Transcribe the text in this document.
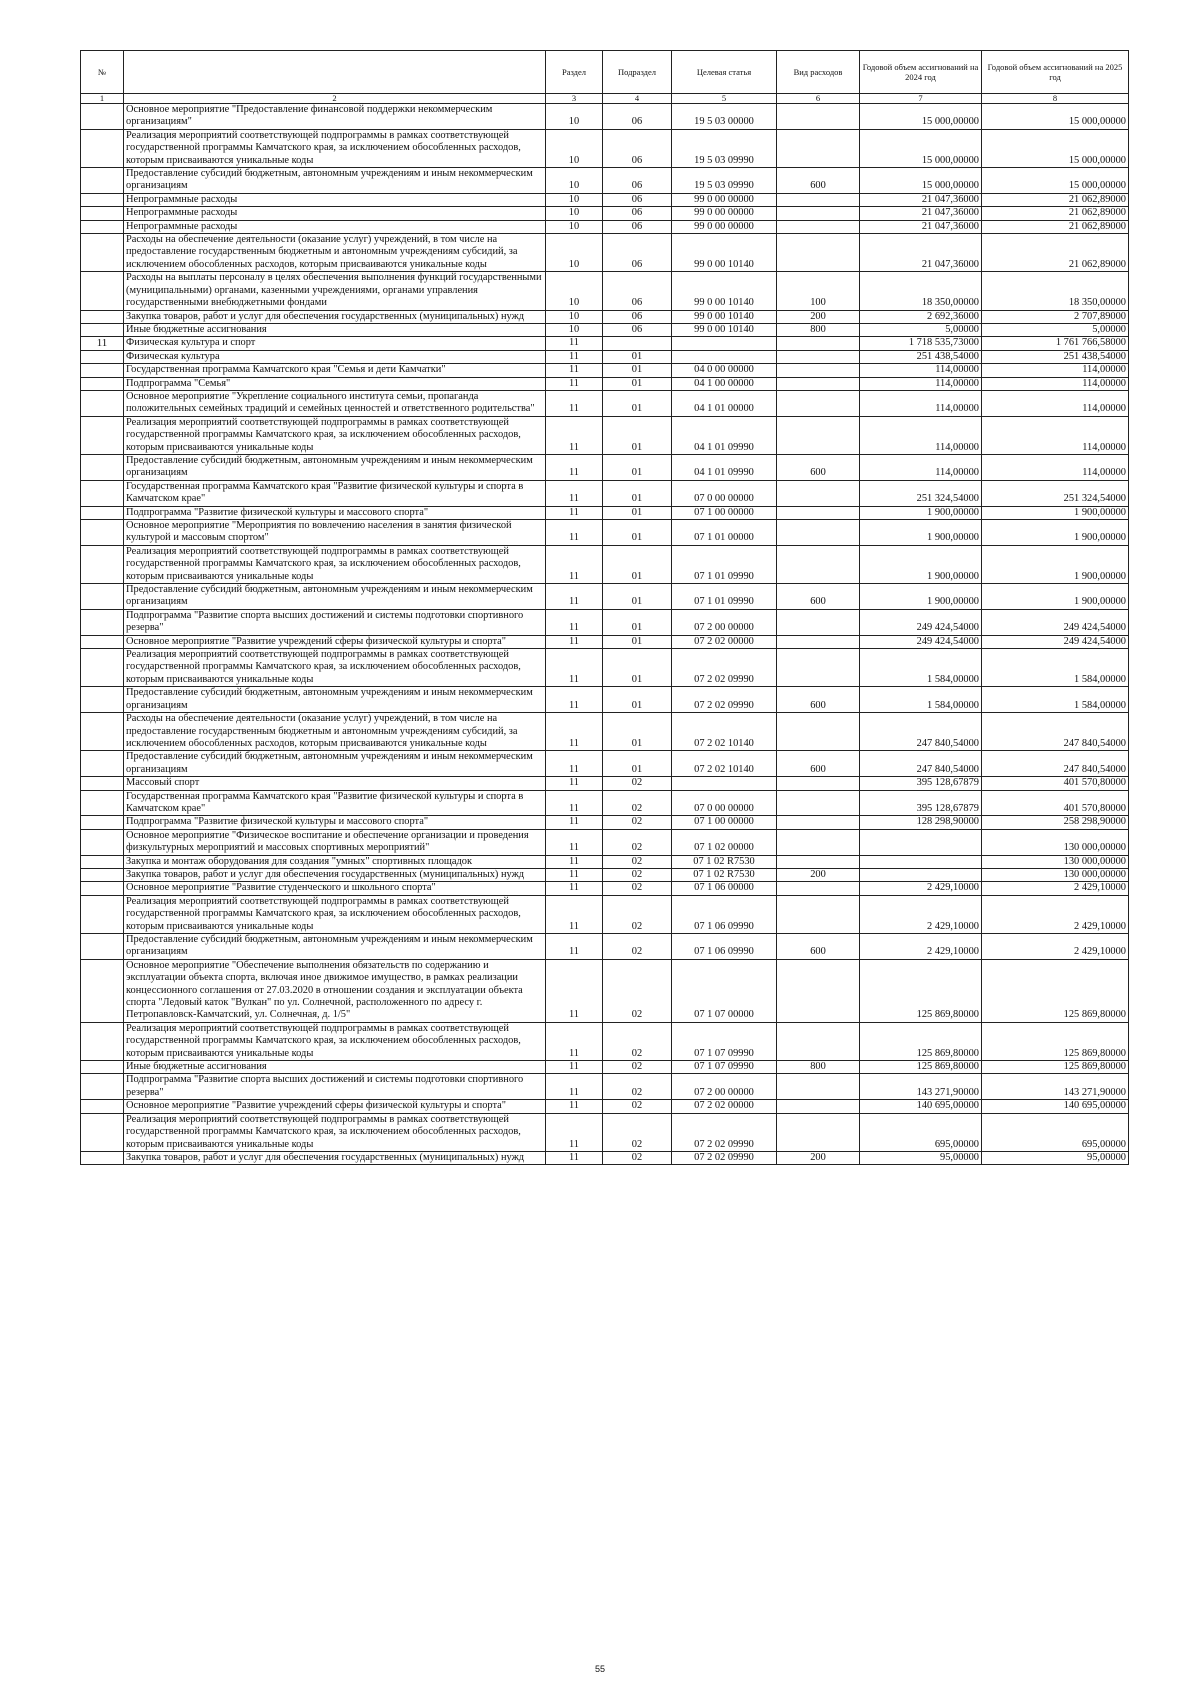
№		Раздел	Подраздел	Целевая статья	Вид расходов	Годовой объем ассигнований на 2024 год	Годовой объем ассигнований на 2025 год
1	2	3	4	5	6	7	8
	Основное мероприятие "Предоставление финансовой поддержки некоммерческим организациям"	10	06	19 5 03 00000		15 000,00000	15 000,00000
	Реализация мероприятий соответствующей подпрограммы в рамках соответствующей государственной программы Камчатского края, за исключением обособленных расходов, которым присваиваются уникальные коды	10	06	19 5 03 09990		15 000,00000	15 000,00000
	Предоставление субсидий бюджетным, автономным учреждениям и иным некоммерческим организациям	10	06	19 5 03 09990	600	15 000,00000	15 000,00000
	Непрограммные расходы	10	06	99 0 00 00000		21 047,36000	21 062,89000
	Непрограммные расходы	10	06	99 0 00 00000		21 047,36000	21 062,89000
	Непрограммные расходы	10	06	99 0 00 00000		21 047,36000	21 062,89000
	Расходы на обеспечение деятельности (оказание услуг) учреждений, в том числе на предоставление государственным бюджетным и автономным учреждениям субсидий, за исключением обособленных расходов, которым присваиваются уникальные коды	10	06	99 0 00 10140		21 047,36000	21 062,89000
	Расходы на выплаты персоналу в целях обеспечения выполнения функций государственными (муниципальными) органами, казенными учреждениями, органами управления государственными внебюджетными фондами	10	06	99 0 00 10140	100	18 350,00000	18 350,00000
	Закупка товаров, работ и услуг для обеспечения государственных (муниципальных) нужд	10	06	99 0 00 10140	200	2 692,36000	2 707,89000
	Иные бюджетные ассигнования	10	06	99 0 00 10140	800	5,00000	5,00000
11	Физическая культура и спорт	11				1 718 535,73000	1 761 766,58000
	Физическая культура	11	01			251 438,54000	251 438,54000
	Государственная программа Камчатского края "Семья и дети Камчатки"	11	01	04 0 00 00000		114,00000	114,00000
	Подпрограмма "Семья"	11	01	04 1 00 00000		114,00000	114,00000
	Основное мероприятие "Укрепление социального института семьи, пропаганда положительных семейных традиций и семейных ценностей и ответственного родительства"	11	01	04 1 01 00000		114,00000	114,00000
	Реализация мероприятий соответствующей подпрограммы в рамках соответствующей государственной программы Камчатского края, за исключением обособленных расходов, которым присваиваются уникальные коды	11	01	04 1 01 09990		114,00000	114,00000
	Предоставление субсидий бюджетным, автономным учреждениям и иным некоммерческим организациям	11	01	04 1 01 09990	600	114,00000	114,00000
	Государственная программа Камчатского края "Развитие физической культуры и спорта в Камчатском крае"	11	01	07 0 00 00000		251 324,54000	251 324,54000
	Подпрограмма "Развитие физической культуры и массового спорта"	11	01	07 1 00 00000		1 900,00000	1 900,00000
	Основное мероприятие "Мероприятия по вовлечению населения в занятия физической культурой и массовым спортом"	11	01	07 1 01 00000		1 900,00000	1 900,00000
	Реализация мероприятий соответствующей подпрограммы в рамках соответствующей государственной программы Камчатского края, за исключением обособленных расходов, которым присваиваются уникальные коды	11	01	07 1 01 09990		1 900,00000	1 900,00000
	Предоставление субсидий бюджетным, автономным учреждениям и иным некоммерческим организациям	11	01	07 1 01 09990	600	1 900,00000	1 900,00000
	Подпрограмма "Развитие спорта высших достижений и системы подготовки спортивного резерва"	11	01	07 2 00 00000		249 424,54000	249 424,54000
	Основное мероприятие "Развитие учреждений сферы физической культуры и спорта"	11	01	07 2 02 00000		249 424,54000	249 424,54000
	Реализация мероприятий соответствующей подпрограммы в рамках соответствующей государственной программы Камчатского края, за исключением обособленных расходов, которым присваиваются уникальные коды	11	01	07 2 02 09990		1 584,00000	1 584,00000
	Предоставление субсидий бюджетным, автономным учреждениям и иным некоммерческим организациям	11	01	07 2 02 09990	600	1 584,00000	1 584,00000
	Расходы на обеспечение деятельности (оказание услуг) учреждений, в том числе на предоставление государственным бюджетным и автономным учреждениям субсидий, за исключением обособленных расходов, которым присваиваются уникальные коды	11	01	07 2 02 10140		247 840,54000	247 840,54000
	Предоставление субсидий бюджетным, автономным учреждениям и иным некоммерческим организациям	11	01	07 2 02 10140	600	247 840,54000	247 840,54000
	Массовый спорт	11	02			395 128,67879	401 570,80000
	Государственная программа Камчатского края "Развитие физической культуры и спорта в Камчатском крае"	11	02	07 0 00 00000		395 128,67879	401 570,80000
	Подпрограмма "Развитие физической культуры и массового спорта"	11	02	07 1 00 00000		128 298,90000	258 298,90000
	Основное мероприятие "Физическое воспитание и обеспечение организации и проведения физкультурных мероприятий и массовых спортивных мероприятий"	11	02	07 1 02 00000			130 000,00000
	Закупка и монтаж оборудования для создания "умных" спортивных площадок	11	02	07 1 02 R7530			130 000,00000
	Закупка товаров, работ и услуг для обеспечения государственных (муниципальных) нужд	11	02	07 1 02 R7530	200		130 000,00000
	Основное мероприятие "Развитие студенческого и школьного спорта"	11	02	07 1 06 00000		2 429,10000	2 429,10000
	Реализация мероприятий соответствующей подпрограммы в рамках соответствующей государственной программы Камчатского края, за исключением обособленных расходов, которым присваиваются уникальные коды	11	02	07 1 06 09990		2 429,10000	2 429,10000
	Предоставление субсидий бюджетным, автономным учреждениям и иным некоммерческим организациям	11	02	07 1 06 09990	600	2 429,10000	2 429,10000
	Основное мероприятие "Обеспечение выполнения обязательств по содержанию и эксплуатации объекта спорта, включая иное движимое имущество, в рамках реализации концессионного соглашения от 27.03.2020 в отношении создания и эксплуатации объекта спорта "Ледовый каток "Вулкан" по ул. Солнечной, расположенного по адресу г. Петропавловск-Камчатский, ул. Солнечная, д. 1/5"	11	02	07 1 07 00000		125 869,80000	125 869,80000
	Реализация мероприятий соответствующей подпрограммы в рамках соответствующей государственной программы Камчатского края, за исключением обособленных расходов, которым присваиваются уникальные коды	11	02	07 1 07 09990		125 869,80000	125 869,80000
	Иные бюджетные ассигнования	11	02	07 1 07 09990	800	125 869,80000	125 869,80000
	Подпрограмма "Развитие спорта высших достижений и системы подготовки спортивного резерва"	11	02	07 2 00 00000		143 271,90000	143 271,90000
	Основное мероприятие "Развитие учреждений сферы физической культуры и спорта"	11	02	07 2 02 00000		140 695,00000	140 695,00000
	Реализация мероприятий соответствующей подпрограммы в рамках соответствующей государственной программы Камчатского края, за исключением обособленных расходов, которым присваиваются уникальные коды	11	02	07 2 02 09990		695,00000	695,00000
	Закупка товаров, работ и услуг для обеспечения государственных (муниципальных) нужд	11	02	07 2 02 09990	200	95,00000	95,00000
55
